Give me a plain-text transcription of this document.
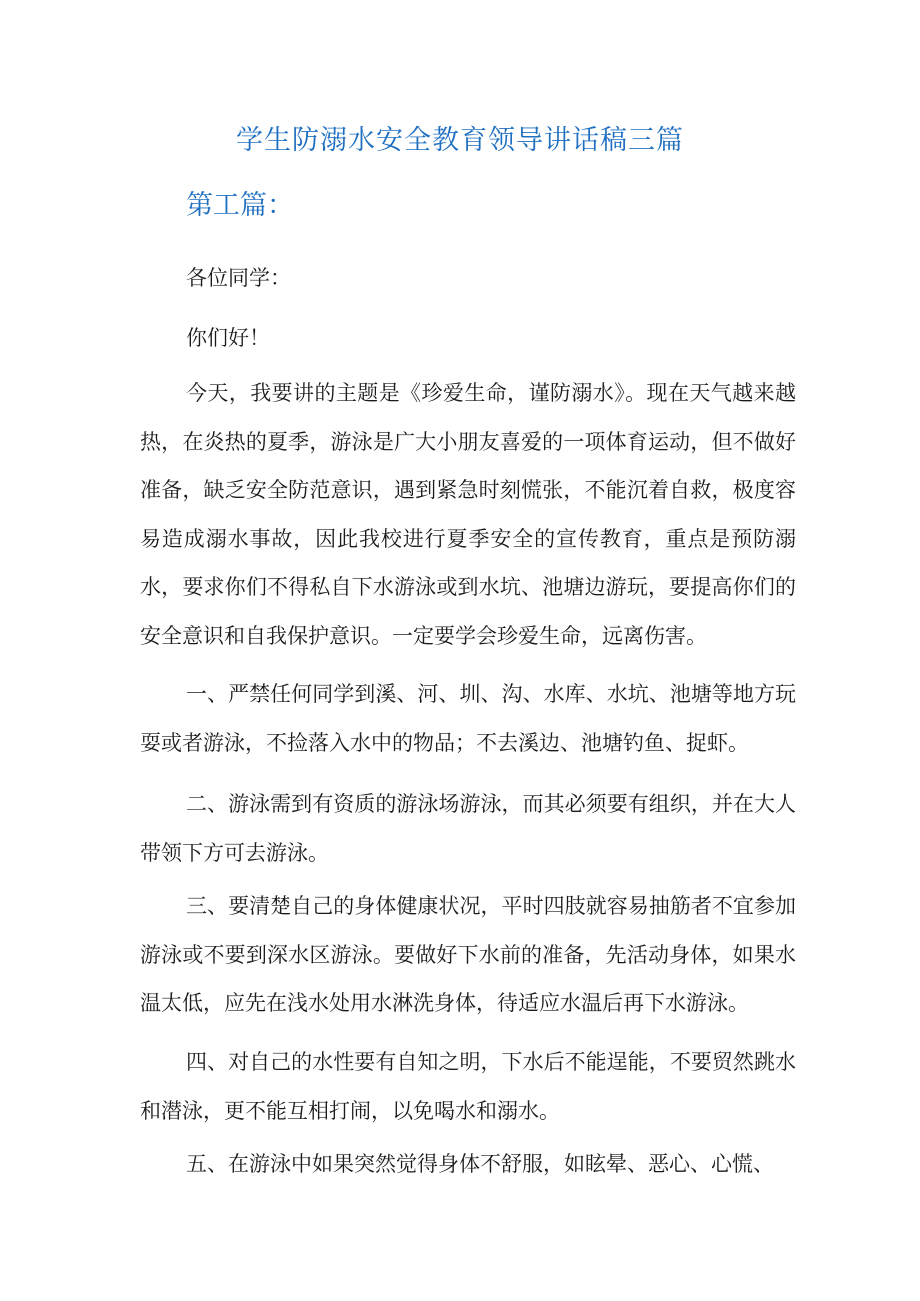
学生防溺水安全教育领导讲话稿三篇
第工篇：

各位同学：

你们好！

今天，我要讲的主题是《珍爱生命，谨防溺水》。现在天气越来越热，在炎热的夏季，游泳是广大小朋友喜爱的一项体育运动，但不做好准备，缺乏安全防范意识，遇到紧急时刻慌张，不能沉着自救，极度容易造成溺水事故，因此我校进行夏季安全的宣传教育，重点是预防溺水，要求你们不得私自下水游泳或到水坑、池塘边游玩，要提高你们的安全意识和自我保护意识。一定要学会珍爱生命，远离伤害。

一、严禁任何同学到溪、河、圳、沟、水库、水坑、池塘等地方玩耍或者游泳，不捡落入水中的物品；不去溪边、池塘钓鱼、捉虾。

二、游泳需到有资质的游泳场游泳，而其必须要有组织，并在大人带领下方可去游泳。

三、要清楚自己的身体健康状况，平时四肢就容易抽筋者不宜参加游泳或不要到深水区游泳。要做好下水前的准备，先活动身体，如果水温太低，应先在浅水处用水淋洗身体，待适应水温后再下水游泳。

四、对自己的水性要有自知之明，下水后不能逞能，不要贸然跳水和潜泳，更不能互相打闹，以免喝水和溺水。

五、在游泳中如果突然觉得身体不舒服，如眩晕、恶心、心慌、
